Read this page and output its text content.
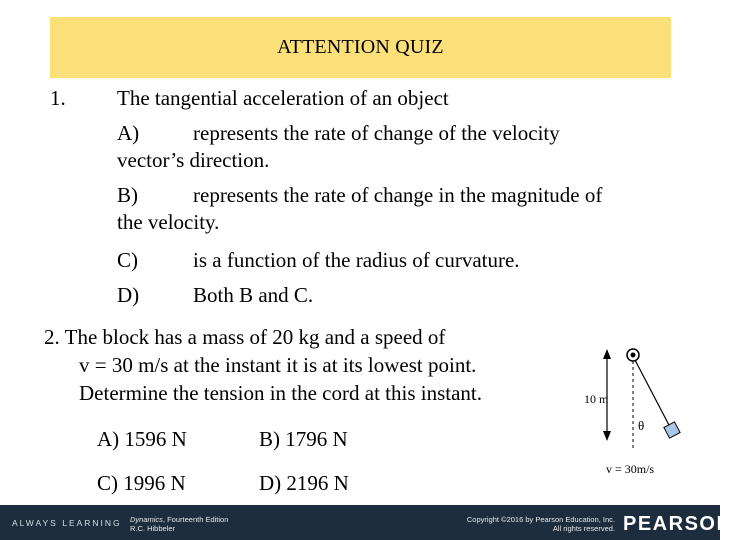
ATTENTION QUIZ
1. The tangential acceleration of an object
A)	represents the rate of change of the velocity
vector’s direction.
B)	represents the rate of change in the magnitude of
the velocity.
C)	is a function of the radius of curvature.
D)	Both B and C.
2. The block has a mass of 20 kg and a speed of
v = 30 m/s at the instant it is at its lowest point.
Determine the tension in the cord at this instant.
A) 1596 N	B) 1796 N
C) 1996 N	D) 2196 N
10 m
θ
v = 30m/s
ALWAYS LEARNING Dynamics, Fourteenth Edition
R.C. Hibbeler
Copyright ©2016 by Pearson Education, Inc.
All rights reserved. PEARSON
